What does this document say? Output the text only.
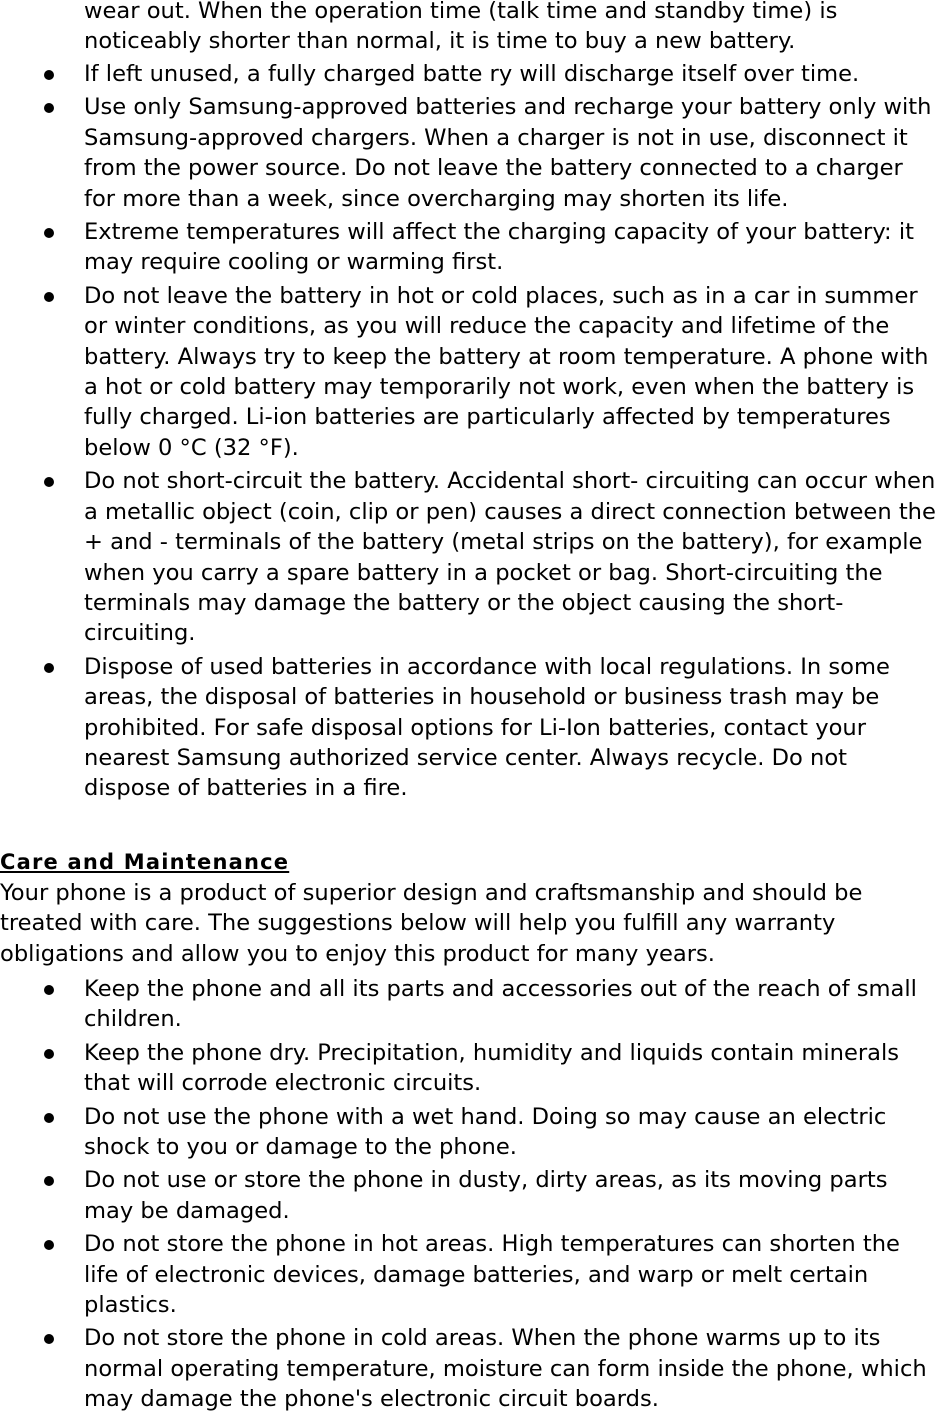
wear out. When the operation time (talk time and standby time) is noticeably shorter than normal, it is time to buy a new battery.

If left unused, a fully charged batte ry will discharge itself over time.
Use only Samsung-approved batteries and recharge your battery only with Samsung-approved chargers. When a charger is not in use, disconnect it from the power source. Do not leave the battery connected to a charger for more than a week, since overcharging may shorten its life.
Extreme temperatures will affect the charging capacity of your battery: it may require cooling or warming first.
Do not leave the battery in hot or cold places, such as in a car in summer or winter conditions, as you will reduce the capacity and lifetime of the battery. Always try to keep the battery at room temperature. A phone with a hot or cold battery may temporarily not work, even when the battery is fully charged. Li-ion batteries are particularly affected by temperatures below 0 °C (32 °F).
Do not short-circuit the battery. Accidental short- circuiting can occur when a metallic object (coin, clip or pen) causes a direct connection between the + and - terminals of the battery (metal strips on the battery), for example when you carry a spare battery in a pocket or bag. Short-circuiting the terminals may damage the battery or the object causing the short-circuiting.
Dispose of used batteries in accordance with local regulations. In some areas, the disposal of batteries in household or business trash may be prohibited. For safe disposal options for Li-Ion batteries, contact your nearest Samsung authorized service center. Always recycle. Do not dispose of batteries in a fire.
Care and Maintenance

Your phone is a product of superior design and craftsmanship and should be treated with care. The suggestions below will help you fulfill any warranty obligations and allow you to enjoy this product for many years.

Keep the phone and all its parts and accessories out of the reach of small children.
Keep the phone dry. Precipitation, humidity and liquids contain minerals that will corrode electronic circuits.
Do not use the phone with a wet hand. Doing so may cause an electric shock to you or damage to the phone.
Do not use or store the phone in dusty, dirty areas, as its moving parts may be damaged.
Do not store the phone in hot areas. High temperatures can shorten the life of electronic devices, damage batteries, and warp or melt certain plastics.
Do not store the phone in cold areas. When the phone warms up to its normal operating temperature, moisture can form inside the phone, which may damage the phone's electronic circuit boards.
